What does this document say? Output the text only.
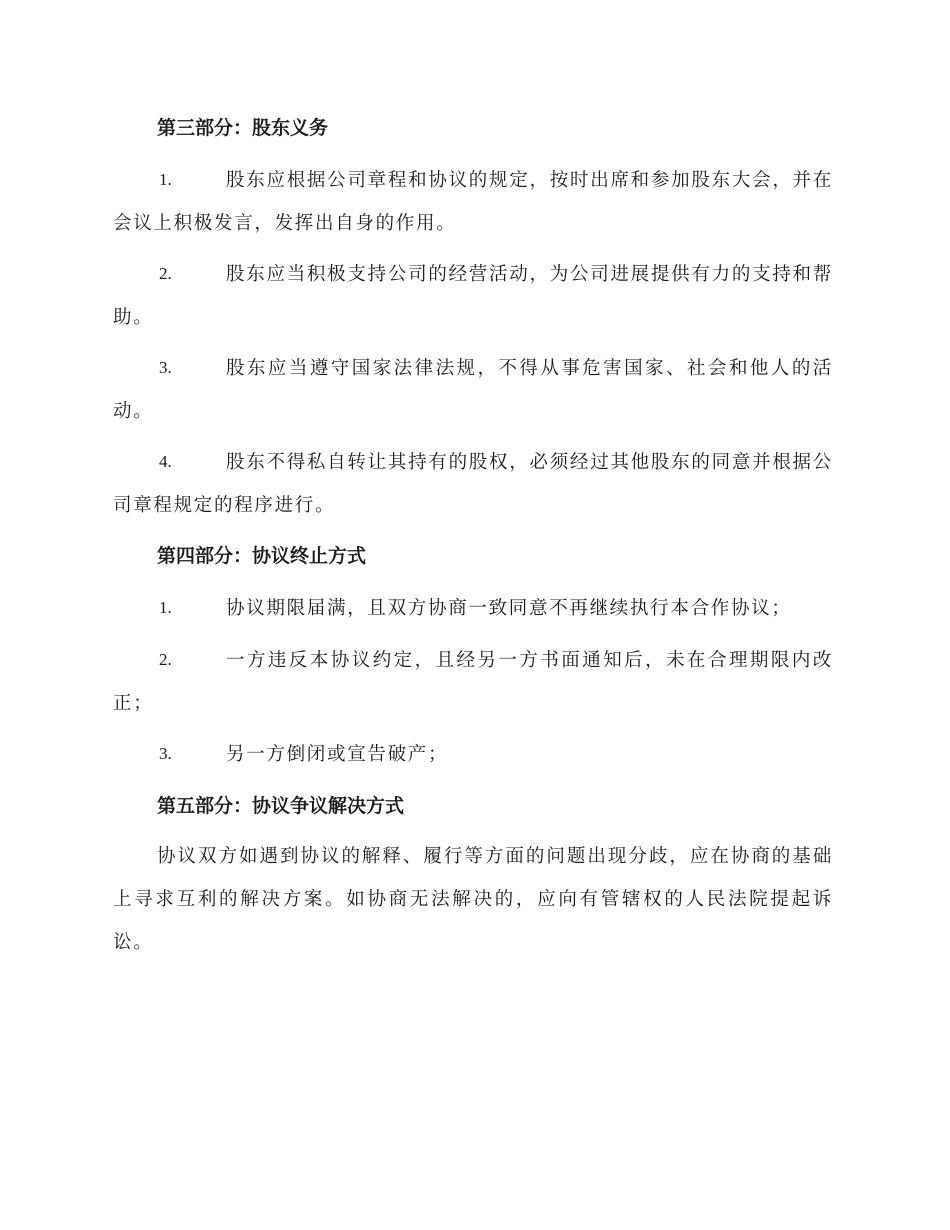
第三部分：股东义务
1.	股东应根据公司章程和协议的规定，按时出席和参加股东大会，并在会议上积极发言，发挥出自身的作用。

2.	股东应当积极支持公司的经营活动，为公司进展提供有力的支持和帮助。

3.	股东应当遵守国家法律法规，不得从事危害国家、社会和他人的活动。

4.	股东不得私自转让其持有的股权，必须经过其他股东的同意并根据公司章程规定的程序进行。

第四部分：协议终止方式
1.	协议期限届满，且双方协商一致同意不再继续执行本合作协议；

2.	一方违反本协议约定，且经另一方书面通知后，未在合理期限内改正；

3.	另一方倒闭或宣告破产；

第五部分：协议争议解决方式

协议双方如遇到协议的解释、履行等方面的问题出现分歧，应在协商的基础上寻求互利的解决方案。如协商无法解决的，应向有管辖权的人民法院提起诉讼。
